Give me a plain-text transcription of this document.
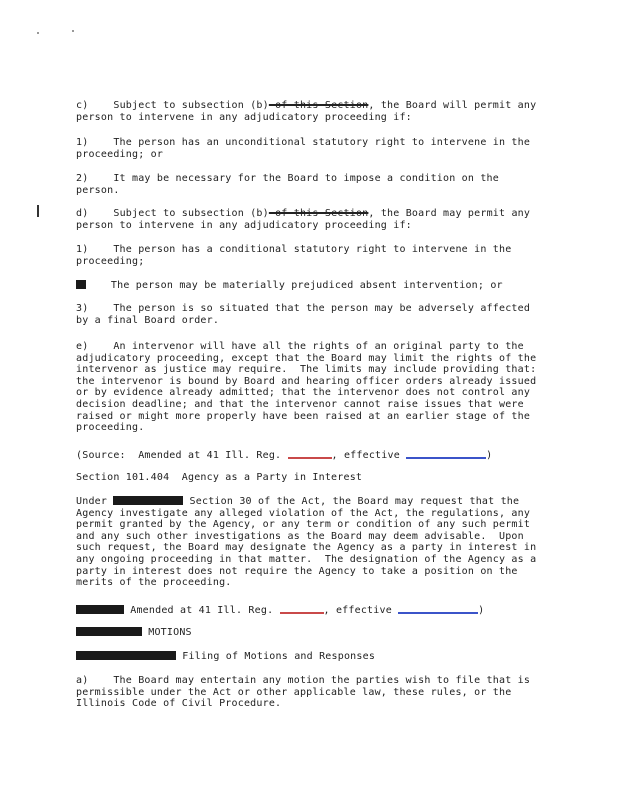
c) Subject to subsection (b) of this Section, the Board will permit any person to intervene in any adjudicatory proceeding if:
1)    The person has an unconditional statutory right to intervene in the proceeding; or
2)    It may be necessary for the Board to impose a condition on the person.
d) Subject to subsection (b) of this Section, the Board may permit any person to intervene in any adjudicatory proceeding if:
1)    The person has a conditional statutory right to intervene in the proceeding;
The person may be materially prejudiced absent intervention; or
3)    The person is so situated that the person may be adversely affected by a final Board order.
e)    An intervenor will have all the rights of an original party to the adjudicatory proceeding, except that the Board may limit the rights of the intervenor as justice may require.  The limits may include providing that: the intervenor is bound by Board and hearing officer orders already issued or by evidence already admitted; that the intervenor does not control any decision deadline; and that the intervenor cannot raise issues that were raised or might more properly have been raised at an earlier stage of the proceeding.
(Source:  Amended at 41 Ill. Reg.	, effective	)
Section 101.404  Agency as a Party in Interest
Under	Section 30 of the Act, the Board may request that the Agency investigate any alleged violation of the Act, the regulations, any permit granted by the Agency, or any term or condition of any such permit and any such other investigations as the Board may deem advisable.  Upon such request, the Board may designate the Agency as a party in interest in any ongoing proceeding in that matter.  The designation of the Agency as a party in interest does not require the Agency to take a position on the merits of the proceeding.
Amended at 41 Ill. Reg.	, effective	)
MOTIONS
Filing of Motions and Responses
a)    The Board may entertain any motion the parties wish to file that is permissible under the Act or other applicable law, these rules, or the Illinois Code of Civil Procedure.
